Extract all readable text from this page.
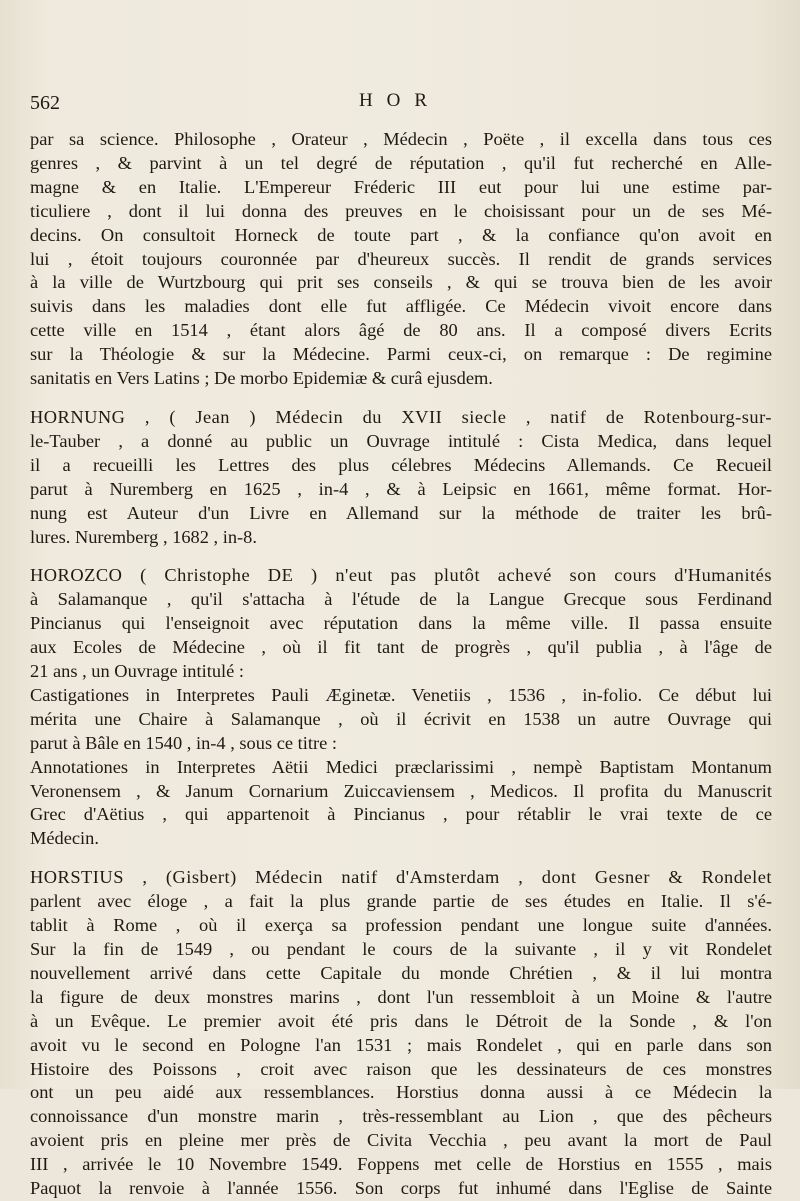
562	HOR
par sa science. Philosophe , Orateur , Médecin , Poëte , il excella dans tous ces
genres , & parvint à un tel degré de réputation , qu'il fut recherché en Alle-
magne & en Italie. L'Empereur Fréderic III eut pour lui une estime par-
ticuliere , dont il lui donna des preuves en le choisissant pour un de ses Mé-
decins. On consultoit Horneck de toute part , & la confiance qu'on avoit en
lui , étoit toujours couronnée par d'heureux succès. Il rendit de grands services
à la ville de Wurtzbourg qui prit ses conseils , & qui se trouva bien de les avoir
suivis dans les maladies dont elle fut affligée. Ce Médecin vivoit encore dans
cette ville en 1514 , étant alors âgé de 80 ans. Il a composé divers Ecrits
sur la Théologie & sur la Médecine. Parmi ceux-ci, on remarque : De regimine
sanitatis en Vers Latins ; De morbo Epidemiæ & curâ ejusdem.
HORNUNG , ( Jean ) Médecin du XVII siecle , natif de Rotenbourg-sur-
le-Tauber , a donné au public un Ouvrage intitulé : Cista Medica, dans lequel
il a recueilli les Lettres des plus célebres Médecins Allemands. Ce Recueil
parut à Nuremberg en 1625 , in-4 , & à Leipsic en 1661, même format. Hor-
nung est Auteur d'un Livre en Allemand sur la méthode de traiter les brû-
lures. Nuremberg , 1682 , in-8.
HOROZCO ( Christophe DE ) n'eut pas plutôt achevé son cours d'Humanités
à Salamanque , qu'il s'attacha à l'étude de la Langue Grecque sous Ferdinand
Pincianus qui l'enseignoit avec réputation dans la même ville. Il passa ensuite
aux Ecoles de Médecine , où il fit tant de progrès , qu'il publia , à l'âge de
21 ans , un Ouvrage intitulé :
Castigationes in Interpretes Pauli Æginetæ. Venetiis , 1536 , in-folio. Ce début lui
mérita une Chaire à Salamanque , où il écrivit en 1538 un autre Ouvrage qui
parut à Bâle en 1540 , in-4 , sous ce titre :
Annotationes in Interpretes Aëtii Medici præclarissimi , nempè Baptistam Montanum
Veronensem , & Janum Cornarium Zuiccaviensem , Medicos. Il profita du Manuscrit
Grec d'Aëtius , qui appartenoit à Pincianus , pour rétablir le vrai texte de ce
Médecin.
HORSTIUS , (Gisbert) Médecin natif d'Amsterdam , dont Gesner & Rondelet
parlent avec éloge , a fait la plus grande partie de ses études en Italie. Il s'é-
tablit à Rome , où il exerça sa profession pendant une longue suite d'années.
Sur la fin de 1549 , ou pendant le cours de la suivante , il y vit Rondelet
nouvellement arrivé dans cette Capitale du monde Chrétien , & il lui montra
la figure de deux monstres marins , dont l'un ressembloit à un Moine & l'autre
à un Evêque. Le premier avoit été pris dans le Détroit de la Sonde , & l'on
avoit vu le second en Pologne l'an 1531 ; mais Rondelet , qui en parle dans son
Histoire des Poissons , croit avec raison que les dessinateurs de ces monstres
ont un peu aidé aux ressemblances. Horstius donna aussi à ce Médecin la
connoissance d'un monstre marin , très-ressemblant au Lion , que des pêcheurs
avoient pris en pleine mer près de Civita Vecchia , peu avant la mort de Paul
III , arrivée le 10 Novembre 1549. Foppens met celle de Horstius en 1555 , mais
Paquot la renvoie à l'année 1556. Son corps fut inhumé dans l'Eglise de Sainte
